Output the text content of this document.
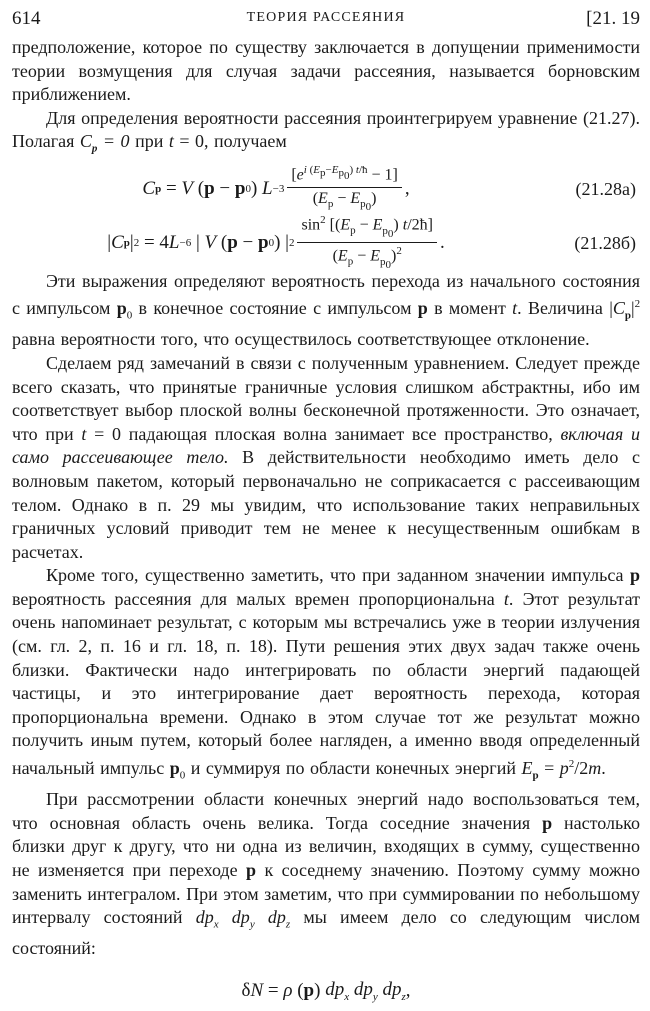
614	ТЕОРИЯ РАССЕЯНИЯ	[21. 19

предположение, которое по существу заключается в допущении применимости теории возмущения для случая задачи рассеяния, называется борновским приближением.

Для определения вероятности рассеяния проинтегрируем уравнение (21.27). Полагая $C_p = 0$ при t = 0, получаем

C p = V ( p − p 0 ) $L -3 \frac{[e^{i (E_p-E_{p_0}) t/ħ} - 1]}{(E_p - E_{p_0})}$ ,	(21.28а)
| C p | 2 = 4 L −6 | V ( p − p 0 ) | $2 \frac{\sin^2 [(E_p - E_{p_0}) t/2ħ]}{(E_p - E_{p_0})^2}$ .	(21.28б)

Эти выражения определяют вероятность перехода из начального состояния с импульсом $p_0$ в конечное состояние с импульсом p в момент t. Величина $|C_p|^2$ равна вероятности того, что осуществилось соответствующее отклонение.

Сделаем ряд замечаний в связи с полученным уравнением. Следует прежде всего сказать, что принятые граничные условия слишком абстрактны, ибо им соответствует выбор плоской волны бесконечной протяженности. Это означает, что при t = 0 падающая плоская волна занимает все пространство, включая и само рассеивающее тело. В действительности необходимо иметь дело с волновым пакетом, который первоначально не соприкасается с рассеивающим телом. Однако в п. 29 мы увидим, что использование таких неправильных граничных условий приводит тем не менее к несущественным ошибкам в расчетах.

Кроме того, существенно заметить, что при заданном значении импульса p вероятность рассеяния для малых времен пропорциональна t. Этот результат очень напоминает результат, с которым мы встречались уже в теории излучения (см. гл. 2, п. 16 и гл. 18, п. 18). Пути решения этих двух задач также очень близки. Фактически надо интегрировать по области энергий падающей частицы, и это интегрирование дает вероятность перехода, которая пропорциональна времени. Однако в этом случае тот же результат можно получить иным путем, который более нагляден, а именно вводя определенный начальный импульс $p_0$ и суммируя по области конечных энергий $E_p = p^2/2m$.

При рассмотрении области конечных энергий надо воспользоваться тем, что основная область очень велика. Тогда соседние значения p настолько близки друг к другу, что ни одна из величин, входящих в сумму, существенно не изменяется при переходе p к соседнему значению. Поэтому сумму можно заменить интегралом. При этом заметим, что при суммировании по небольшому интервалу состояний $dp_x$ $dp_y$ $dp_z$ мы имеем дело со следующим числом состояний:

δ N = ρ ( p ) $dp_x$ $dp_y$ $dp_z$ ,
